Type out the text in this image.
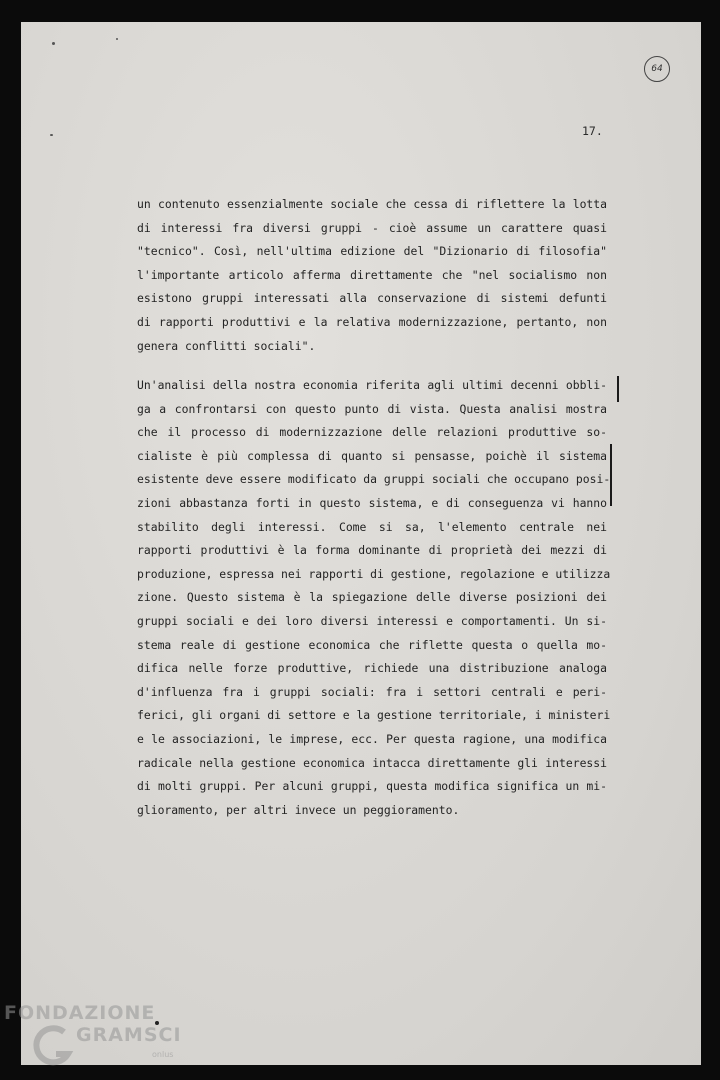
64
17.
un contenuto essenzialmente sociale che cessa di riflettere la lotta
di interessi fra diversi gruppi - cioè assume un carattere quasi
"tecnico". Così, nell'ultima edizione del "Dizionario di filosofia"
l'importante articolo afferma direttamente che "nel socialismo non
esistono gruppi interessati alla conservazione di sistemi defunti
di rapporti produttivi e la relativa modernizzazione, pertanto, non
genera conflitti sociali".
Un'analisi della nostra economia riferita agli ultimi decenni obbli-
ga a confrontarsi con questo punto di vista. Questa analisi mostra
che il processo di modernizzazione delle relazioni produttive so-
cialiste è più complessa di quanto si pensasse, poichè il sistema
esistente deve essere modificato da gruppi sociali che occupano posi-
zioni abbastanza forti in questo sistema, e di conseguenza vi hanno
stabilito degli interessi. Come si sa, l'elemento centrale nei
rapporti produttivi è la forma dominante di proprietà dei mezzi di
produzione, espressa nei rapporti di gestione, regolazione e utilizza
zione. Questo sistema è la spiegazione delle diverse posizioni dei
gruppi sociali e dei loro diversi interessi e comportamenti. Un si-
stema reale di gestione economica che riflette questa o quella mo-
difica nelle forze produttive, richiede una distribuzione analoga
d'influenza fra i gruppi sociali: fra i settori centrali e peri-
ferici, gli organi di settore e la gestione territoriale, i ministeri
e le associazioni, le imprese, ecc. Per questa ragione, una modifica
radicale nella gestione economica intacca direttamente gli interessi
di molti gruppi. Per alcuni gruppi, questa modifica significa un mi-
glioramento, per altri invece un peggioramento.
FONDAZIONE
GRAMSCI
onlus
